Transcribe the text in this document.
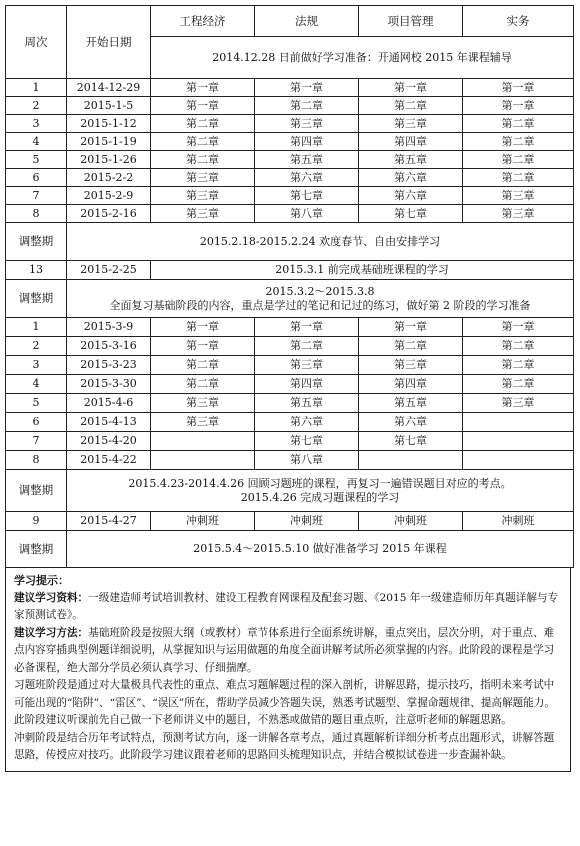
周次	开始日期	工程经济	法规	项目管理	实务
		2014.12.28 日前做好学习准备：开通网校 2015 年课程辅导			
1	2014-12-29	第一章	第一章	第一章	第一章
2	2015-1-5	第一章	第二章	第二章	第一章
3	2015-1-12	第二章	第三章	第三章	第二章
4	2015-1-19	第二章	第四章	第四章	第二章
5	2015-1-26	第二章	第五章	第五章	第二章
6	2015-2-2	第三章	第六章	第六章	第二章
7	2015-2-9	第三章	第七章	第六章	第三章
8	2015-2-16	第三章	第八章	第七章	第三章
调整期	2015.2.18-2015.2.24 欢度春节、自由安排学习				
13	2015-2-25	2015.3.1 前完成基础班课程的学习			
调整期	2015.3.2～2015.3.8
全面复习基础阶段的内容，重点是学过的笔记和记过的练习，做好第 2 阶段的学习准备				

1	2015-3-9	第一章	第一章	第一章	第一章
2	2015-3-16	第一章	第二章	第二章	第二章
3	2015-3-23	第二章	第三章	第三章	第二章
4	2015-3-30	第二章	第四章	第四章	第二章
5	2015-4-6	第三章	第五章	第五章	第三章
6	2015-4-13	第三章	第六章	第六章	
7	2015-4-20		第七章	第七章	
8	2015-4-22		第八章		
调整期	2015.4.23-2014.4.26 回顾习题班的课程，再复习一遍错误题目对应的考点。
2015.4.26 完成习题课程的学习				

9	2015-4-27	冲刺班	冲刺班	冲刺班	冲刺班
调整期	2015.5.4～2015.5.10 做好准备学习 2015 年课程				

学习提示：

建议学习资料：一级建造师考试培训教材、建设工程教育网课程及配套习题、《2015 年一级建造师历年真题详解与专家预测试卷》。

建议学习方法：基础班阶段是按照大纲（或教材）章节体系进行全面系统讲解，重点突出，层次分明，对于重点、难点内容穿插典型例题详细说明，从掌握知识与运用做题的角度全面讲解考试所必须掌握的内容。此阶段的课程是学习必备课程，绝大部分学员必须认真学习、仔细揣摩。

习题班阶段是通过对大量极具代表性的重点、难点习题解题过程的深入剖析，讲解思路，提示技巧，指明未来考试中可能出现的“陷阱”、“雷区”、“误区”所在，帮助学员减少答题失误，熟悉考试题型、掌握命题规律、提高解题能力。此阶段建议听课前先自己做一下老师讲义中的题目，不熟悉或做错的题目重点听，注意听老师的解题思路。

冲刺阶段是结合历年考试特点，预测考试方向，逐一讲解各章考点，通过真题解析详细分析考点出题形式，讲解答题思路，传授应对技巧。此阶段学习建议跟着老师的思路回头梳理知识点，并结合模拟试卷进一步查漏补缺。
